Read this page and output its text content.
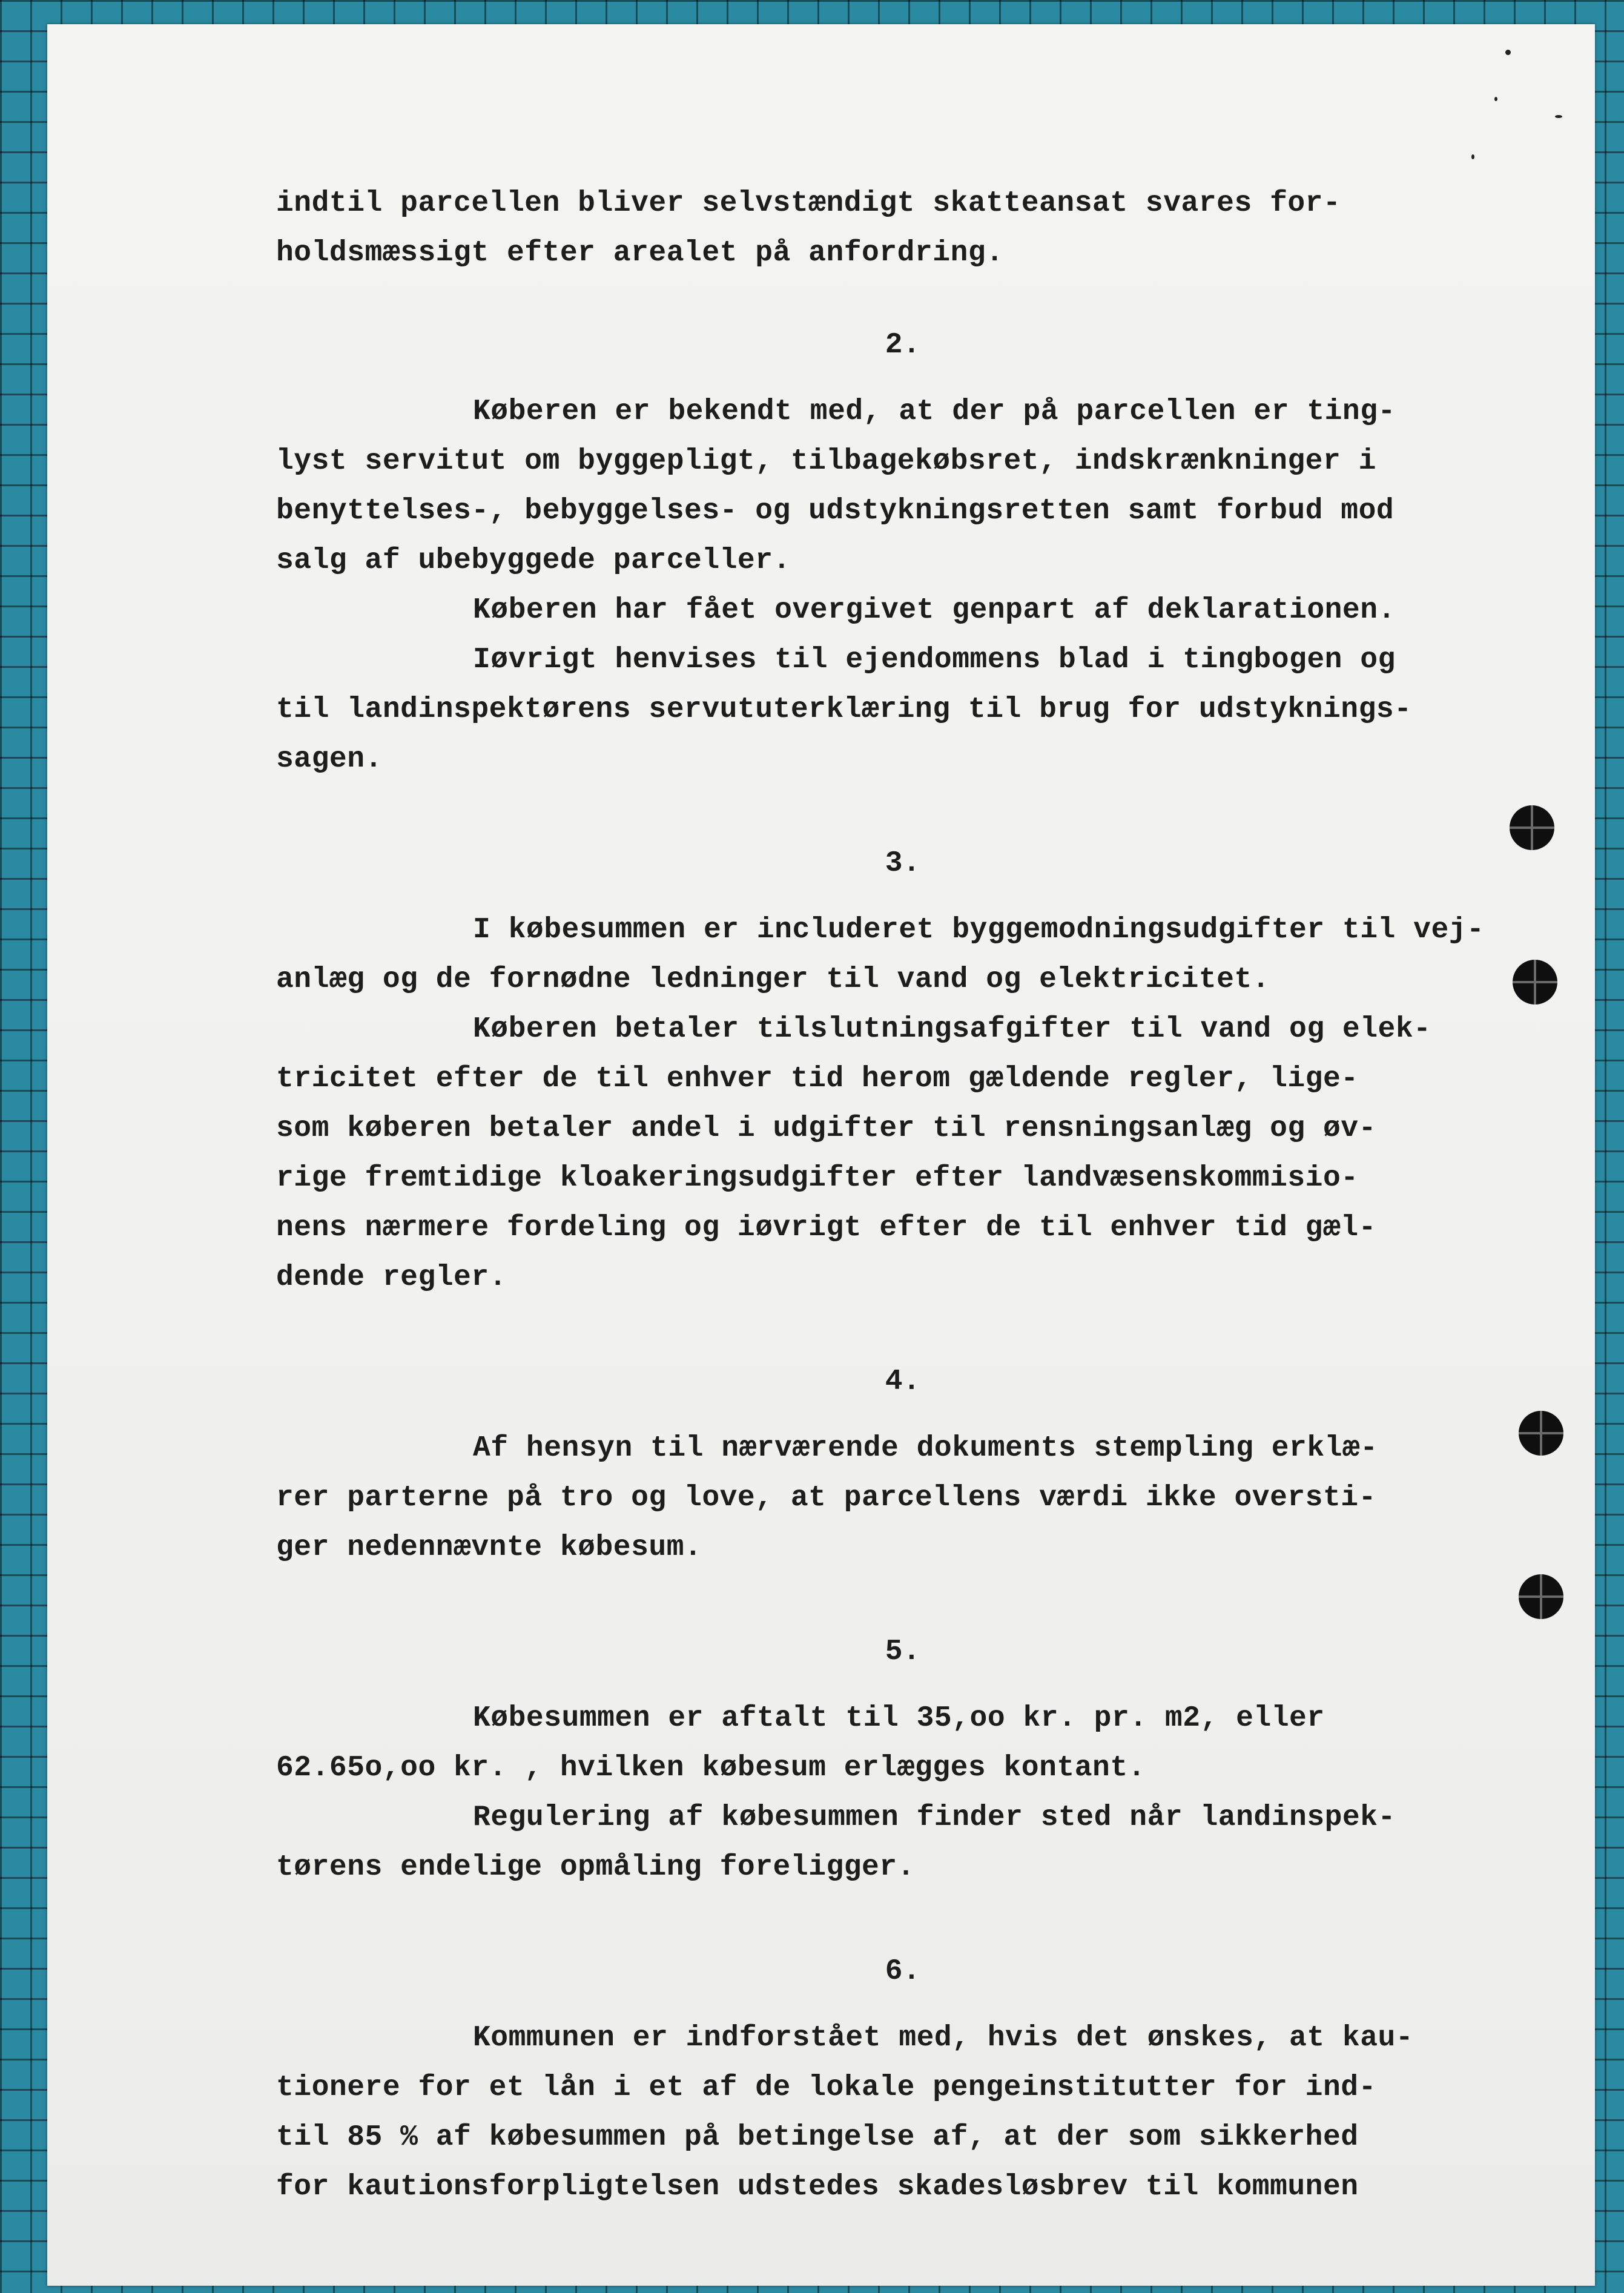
indtil parcellen bliver selvstændigt skatteansat svares for-
holdsmæssigt efter arealet på anfordring.
2.
Køberen er bekendt med, at der på parcellen er ting-
lyst servitut om byggepligt, tilbagekøbsret, indskrænkninger i
benyttelses-, bebyggelses- og udstykningsretten samt forbud mod
salg af ubebyggede parceller.
Køberen har fået overgivet genpart af deklarationen.
Iøvrigt henvises til ejendommens blad i tingbogen og
til landinspektørens servututerklæring til brug for udstyknings-
sagen.
3.
I købesummen er includeret byggemodningsudgifter til vej-
anlæg og de fornødne ledninger til vand og elektricitet.
Køberen betaler tilslutningsafgifter til vand og elek-
tricitet efter de til enhver tid herom gældende regler, lige-
som køberen betaler andel i udgifter til rensningsanlæg og øv-
rige fremtidige kloakeringsudgifter efter landvæsenskommisio-
nens nærmere fordeling og iøvrigt efter de til enhver tid gæl-
dende regler.
4.
Af hensyn til nærværende dokuments stempling erklæ-
rer parterne på tro og love, at parcellens værdi ikke oversti-
ger nedennævnte købesum.
5.
Købesummen er aftalt til 35,oo kr. pr. m2, eller
62.65o,oo kr. , hvilken købesum erlægges kontant.
Regulering af købesummen finder sted når landinspek-
tørens endelige opmåling foreligger.
6.
Kommunen er indforstået med, hvis det ønskes, at kau-
tionere for et lån i et af de lokale pengeinstitutter for ind-
til 85 % af købesummen på betingelse af, at der som sikkerhed
for kautionsforpligtelsen udstedes skadesløsbrev til kommunen
